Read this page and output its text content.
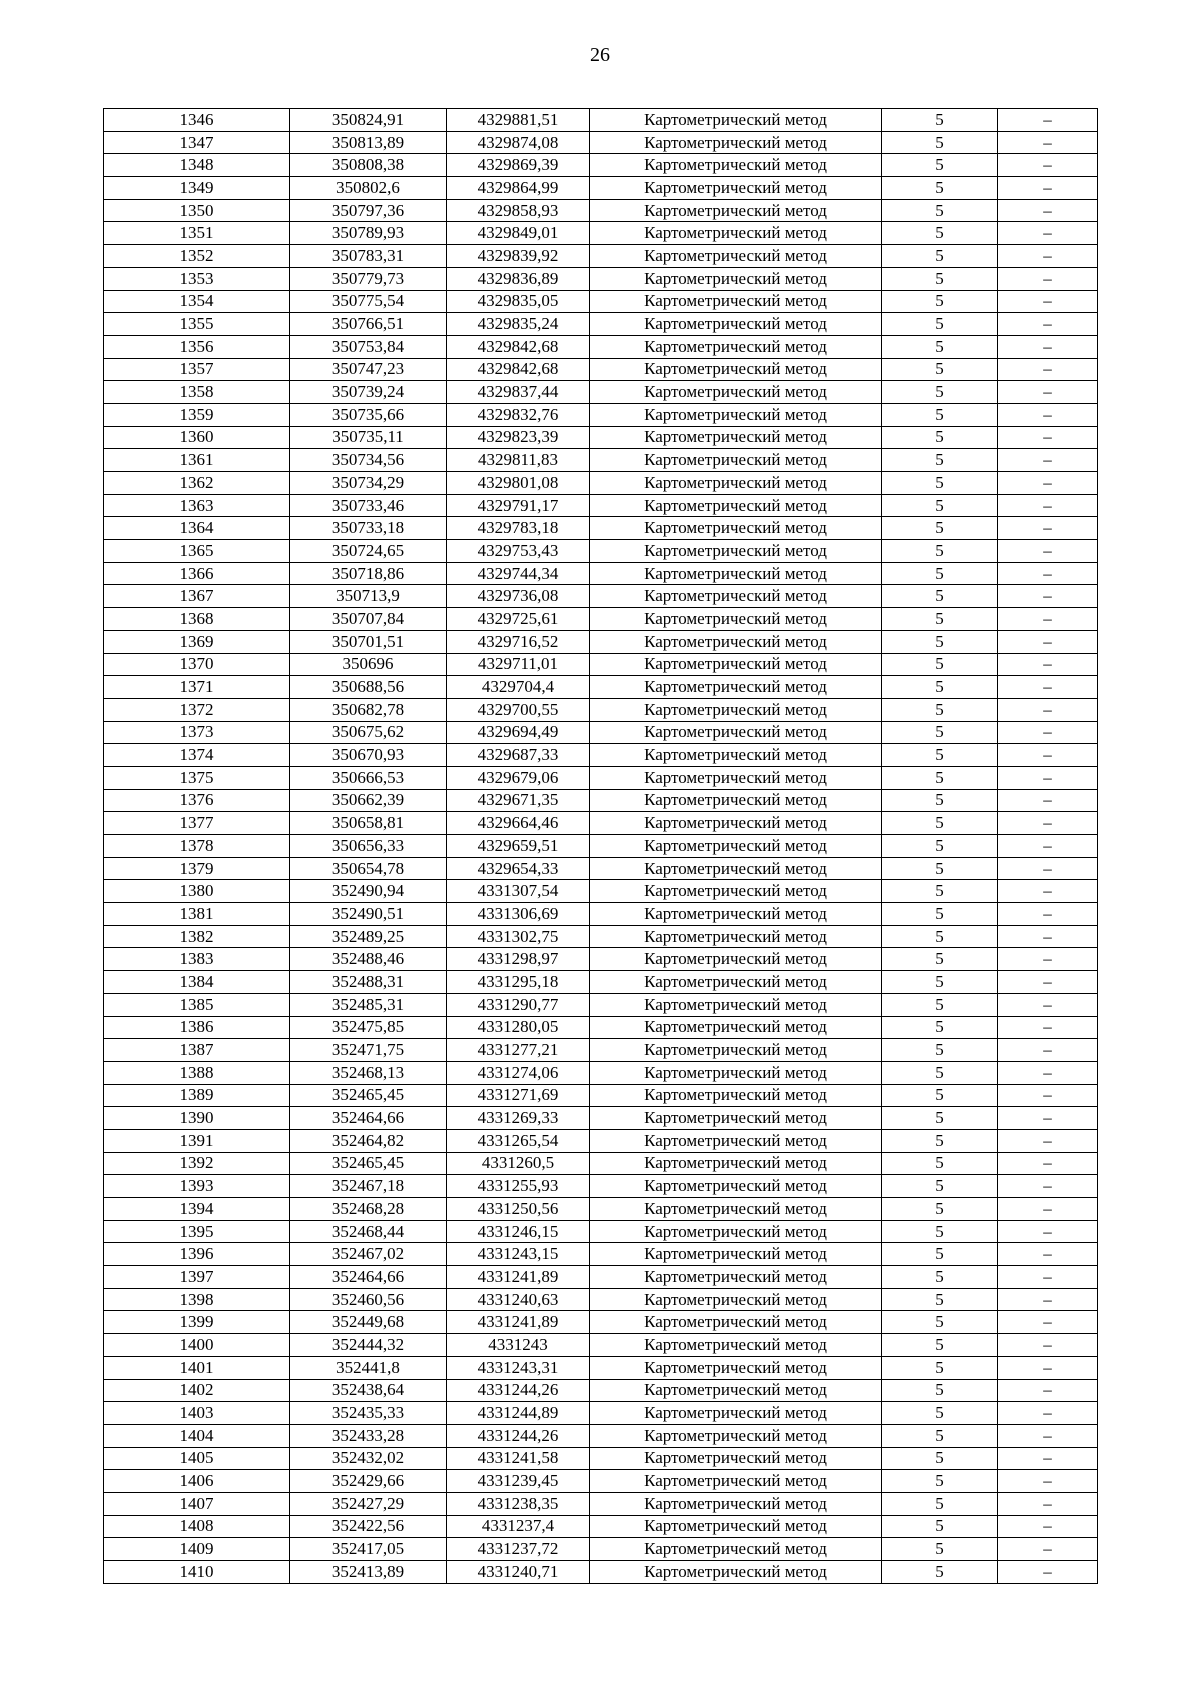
26
1346	350824,91	4329881,51	Картометрический метод	5	–
1347	350813,89	4329874,08	Картометрический метод	5	–
1348	350808,38	4329869,39	Картометрический метод	5	–
1349	350802,6	4329864,99	Картометрический метод	5	–
1350	350797,36	4329858,93	Картометрический метод	5	–
1351	350789,93	4329849,01	Картометрический метод	5	–
1352	350783,31	4329839,92	Картометрический метод	5	–
1353	350779,73	4329836,89	Картометрический метод	5	–
1354	350775,54	4329835,05	Картометрический метод	5	–
1355	350766,51	4329835,24	Картометрический метод	5	–
1356	350753,84	4329842,68	Картометрический метод	5	–
1357	350747,23	4329842,68	Картометрический метод	5	–
1358	350739,24	4329837,44	Картометрический метод	5	–
1359	350735,66	4329832,76	Картометрический метод	5	–
1360	350735,11	4329823,39	Картометрический метод	5	–
1361	350734,56	4329811,83	Картометрический метод	5	–
1362	350734,29	4329801,08	Картометрический метод	5	–
1363	350733,46	4329791,17	Картометрический метод	5	–
1364	350733,18	4329783,18	Картометрический метод	5	–
1365	350724,65	4329753,43	Картометрический метод	5	–
1366	350718,86	4329744,34	Картометрический метод	5	–
1367	350713,9	4329736,08	Картометрический метод	5	–
1368	350707,84	4329725,61	Картометрический метод	5	–
1369	350701,51	4329716,52	Картометрический метод	5	–
1370	350696	4329711,01	Картометрический метод	5	–
1371	350688,56	4329704,4	Картометрический метод	5	–
1372	350682,78	4329700,55	Картометрический метод	5	–
1373	350675,62	4329694,49	Картометрический метод	5	–
1374	350670,93	4329687,33	Картометрический метод	5	–
1375	350666,53	4329679,06	Картометрический метод	5	–
1376	350662,39	4329671,35	Картометрический метод	5	–
1377	350658,81	4329664,46	Картометрический метод	5	–
1378	350656,33	4329659,51	Картометрический метод	5	–
1379	350654,78	4329654,33	Картометрический метод	5	–
1380	352490,94	4331307,54	Картометрический метод	5	–
1381	352490,51	4331306,69	Картометрический метод	5	–
1382	352489,25	4331302,75	Картометрический метод	5	–
1383	352488,46	4331298,97	Картометрический метод	5	–
1384	352488,31	4331295,18	Картометрический метод	5	–
1385	352485,31	4331290,77	Картометрический метод	5	–
1386	352475,85	4331280,05	Картометрический метод	5	–
1387	352471,75	4331277,21	Картометрический метод	5	–
1388	352468,13	4331274,06	Картометрический метод	5	–
1389	352465,45	4331271,69	Картометрический метод	5	–
1390	352464,66	4331269,33	Картометрический метод	5	–
1391	352464,82	4331265,54	Картометрический метод	5	–
1392	352465,45	4331260,5	Картометрический метод	5	–
1393	352467,18	4331255,93	Картометрический метод	5	–
1394	352468,28	4331250,56	Картометрический метод	5	–
1395	352468,44	4331246,15	Картометрический метод	5	–
1396	352467,02	4331243,15	Картометрический метод	5	–
1397	352464,66	4331241,89	Картометрический метод	5	–
1398	352460,56	4331240,63	Картометрический метод	5	–
1399	352449,68	4331241,89	Картометрический метод	5	–
1400	352444,32	4331243	Картометрический метод	5	–
1401	352441,8	4331243,31	Картометрический метод	5	–
1402	352438,64	4331244,26	Картометрический метод	5	–
1403	352435,33	4331244,89	Картометрический метод	5	–
1404	352433,28	4331244,26	Картометрический метод	5	–
1405	352432,02	4331241,58	Картометрический метод	5	–
1406	352429,66	4331239,45	Картометрический метод	5	–
1407	352427,29	4331238,35	Картометрический метод	5	–
1408	352422,56	4331237,4	Картометрический метод	5	–
1409	352417,05	4331237,72	Картометрический метод	5	–
1410	352413,89	4331240,71	Картометрический метод	5	–
